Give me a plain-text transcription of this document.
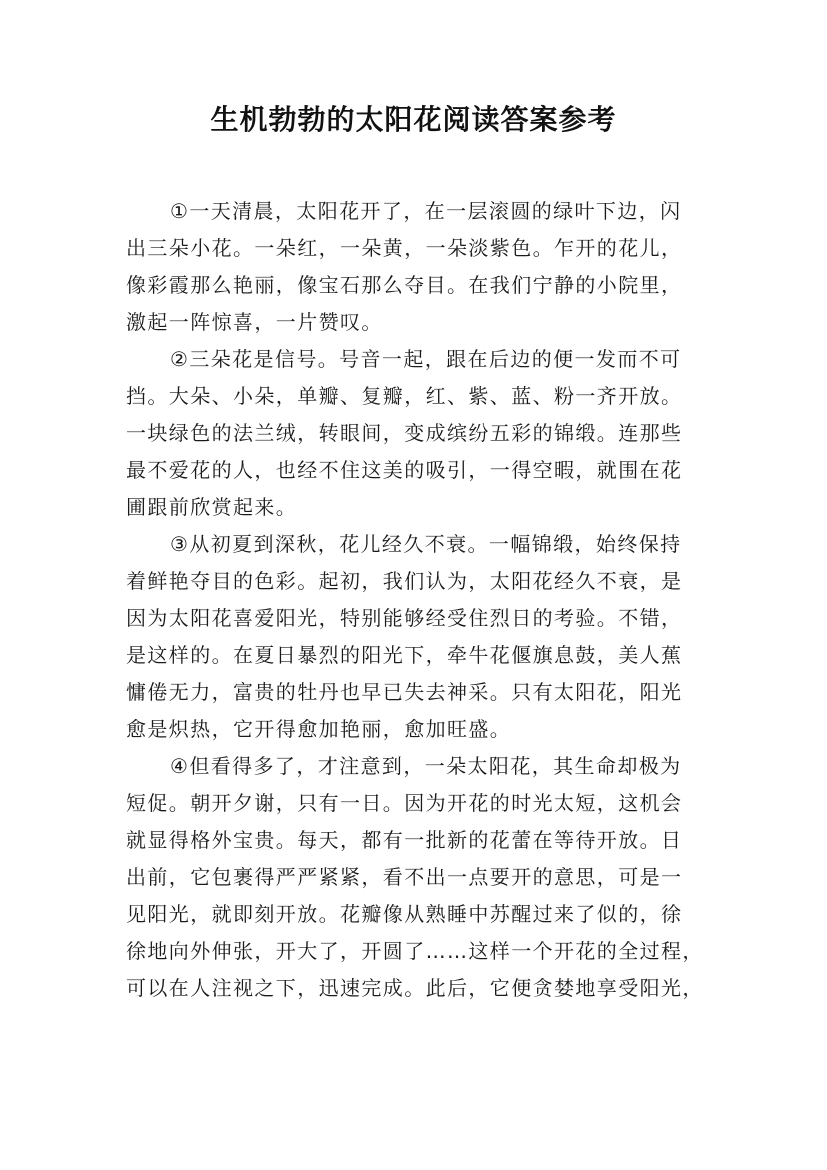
生机勃勃的太阳花阅读答案参考
①一天清晨，太阳花开了，在一层滚圆的绿叶下边，闪
出三朵小花。一朵红，一朵黄，一朵淡紫色。乍开的花儿，
像彩霞那么艳丽，像宝石那么夺目。在我们宁静的小院里，
激起一阵惊喜，一片赞叹。
②三朵花是信号。号音一起，跟在后边的便一发而不可
挡。大朵、小朵，单瓣、复瓣，红、紫、蓝、粉一齐开放。
一块绿色的法兰绒，转眼间，变成缤纷五彩的锦缎。连那些
最不爱花的人，也经不住这美的吸引，一得空暇，就围在花
圃跟前欣赏起来。
③从初夏到深秋，花儿经久不衰。一幅锦缎，始终保持
着鲜艳夺目的色彩。起初，我们认为，太阳花经久不衰，是
因为太阳花喜爱阳光，特别能够经受住烈日的考验。不错，
是这样的。在夏日暴烈的阳光下，牵牛花偃旗息鼓，美人蕉
慵倦无力，富贵的牡丹也早已失去神采。只有太阳花，阳光
愈是炽热，它开得愈加艳丽，愈加旺盛。
④但看得多了，才注意到，一朵太阳花，其生命却极为
短促。朝开夕谢，只有一日。因为开花的时光太短，这机会
就显得格外宝贵。每天，都有一批新的花蕾在等待开放。日
出前，它包裹得严严紧紧，看不出一点要开的意思，可是一
见阳光，就即刻开放。花瓣像从熟睡中苏醒过来了似的，徐
徐地向外伸张，开大了，开圆了……这样一个开花的全过程，
可以在人注视之下，迅速完成。此后，它便贪婪地享受阳光，
